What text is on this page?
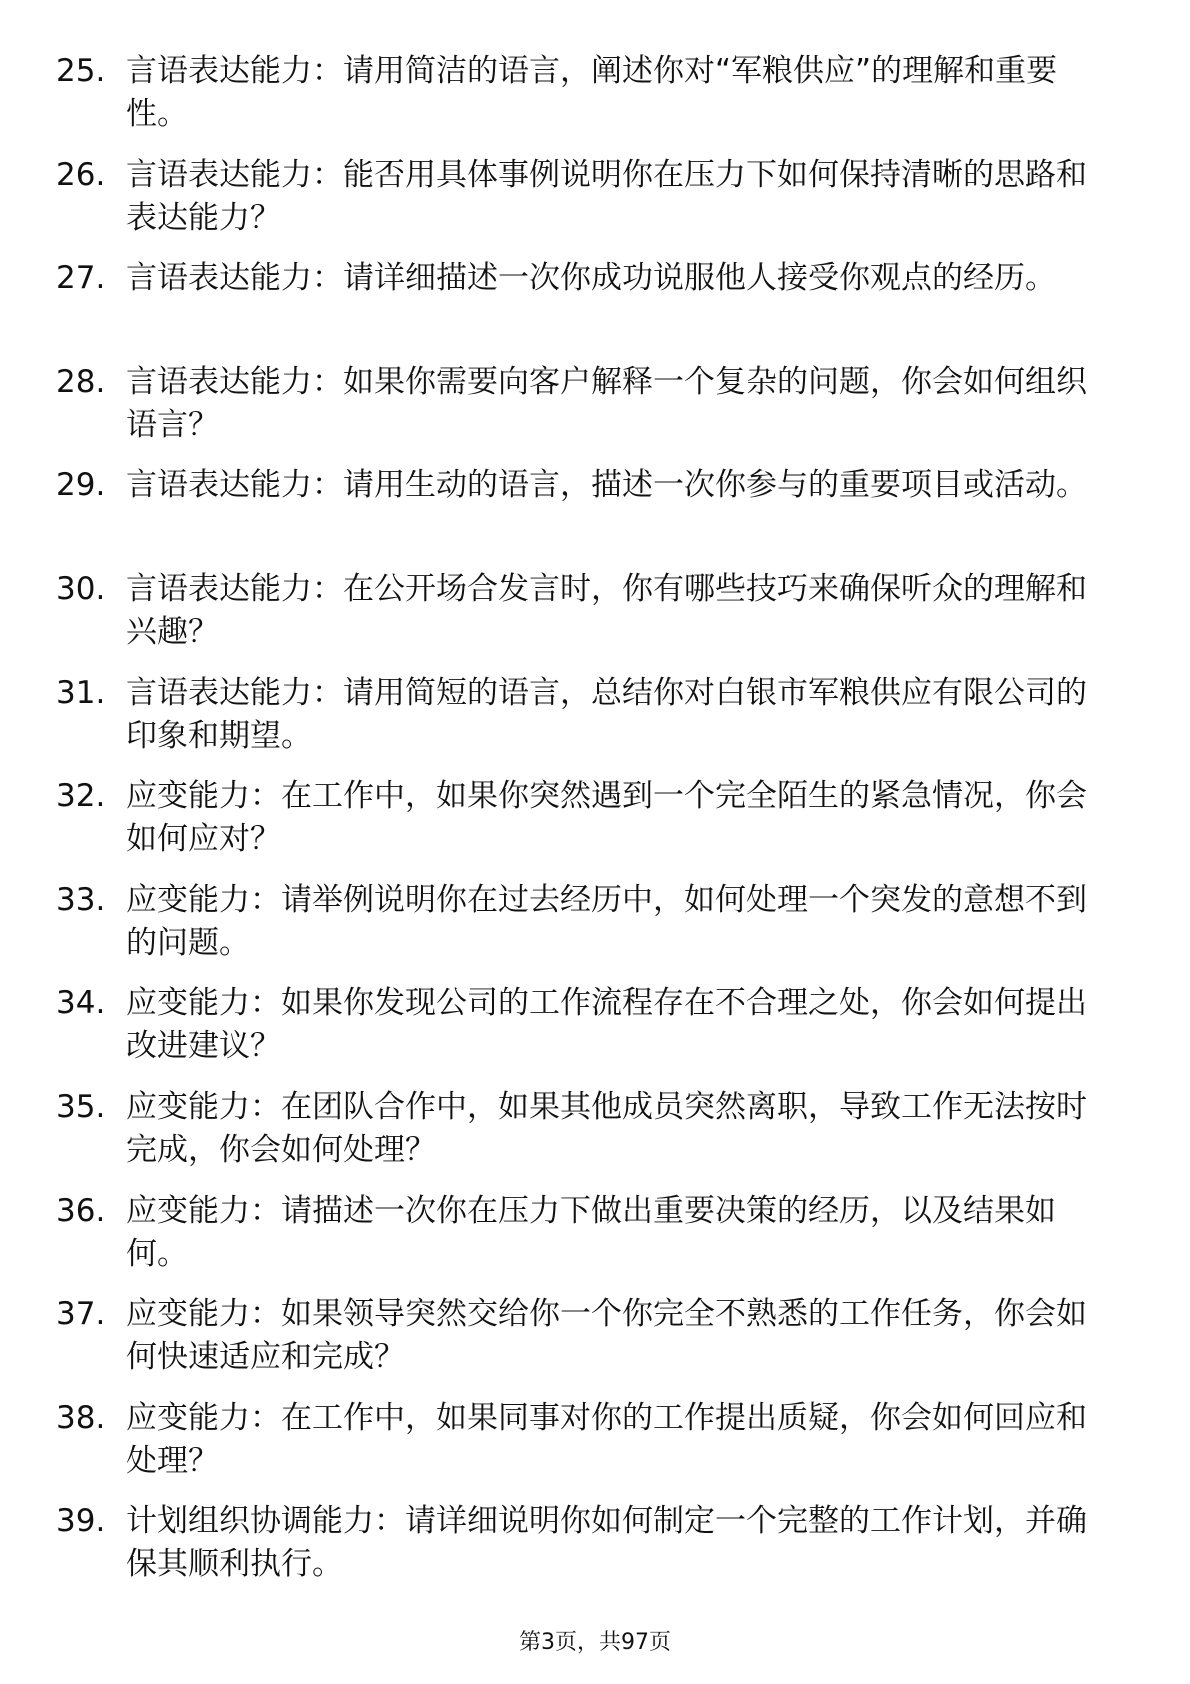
25. 言语表达能力：请用简洁的语言，阐述你对“军粮供应”的理解和重要性。
26. 言语表达能力：能否用具体事例说明你在压力下如何保持清晰的思路和表达能力？
27. 言语表达能力：请详细描述一次你成功说服他人接受你观点的经历。
28. 言语表达能力：如果你需要向客户解释一个复杂的问题，你会如何组织语言？
29. 言语表达能力：请用生动的语言，描述一次你参与的重要项目或活动。
30. 言语表达能力：在公开场合发言时，你有哪些技巧来确保听众的理解和兴趣？
31. 言语表达能力：请用简短的语言，总结你对白银市军粮供应有限公司的印象和期望。
32. 应变能力：在工作中，如果你突然遇到一个完全陌生的紧急情况，你会如何应对？
33. 应变能力：请举例说明你在过去经历中，如何处理一个突发的意想不到的问题。
34. 应变能力：如果你发现公司的工作流程存在不合理之处，你会如何提出改进建议？
35. 应变能力：在团队合作中，如果其他成员突然离职，导致工作无法按时完成，你会如何处理？
36. 应变能力：请描述一次你在压力下做出重要决策的经历，以及结果如何。
37. 应变能力：如果领导突然交给你一个你完全不熟悉的工作任务，你会如何快速适应和完成？
38. 应变能力：在工作中，如果同事对你的工作提出质疑，你会如何回应和处理？
39. 计划组织协调能力：请详细说明你如何制定一个完整的工作计划，并确保其顺利执行。
第3页，共97页
